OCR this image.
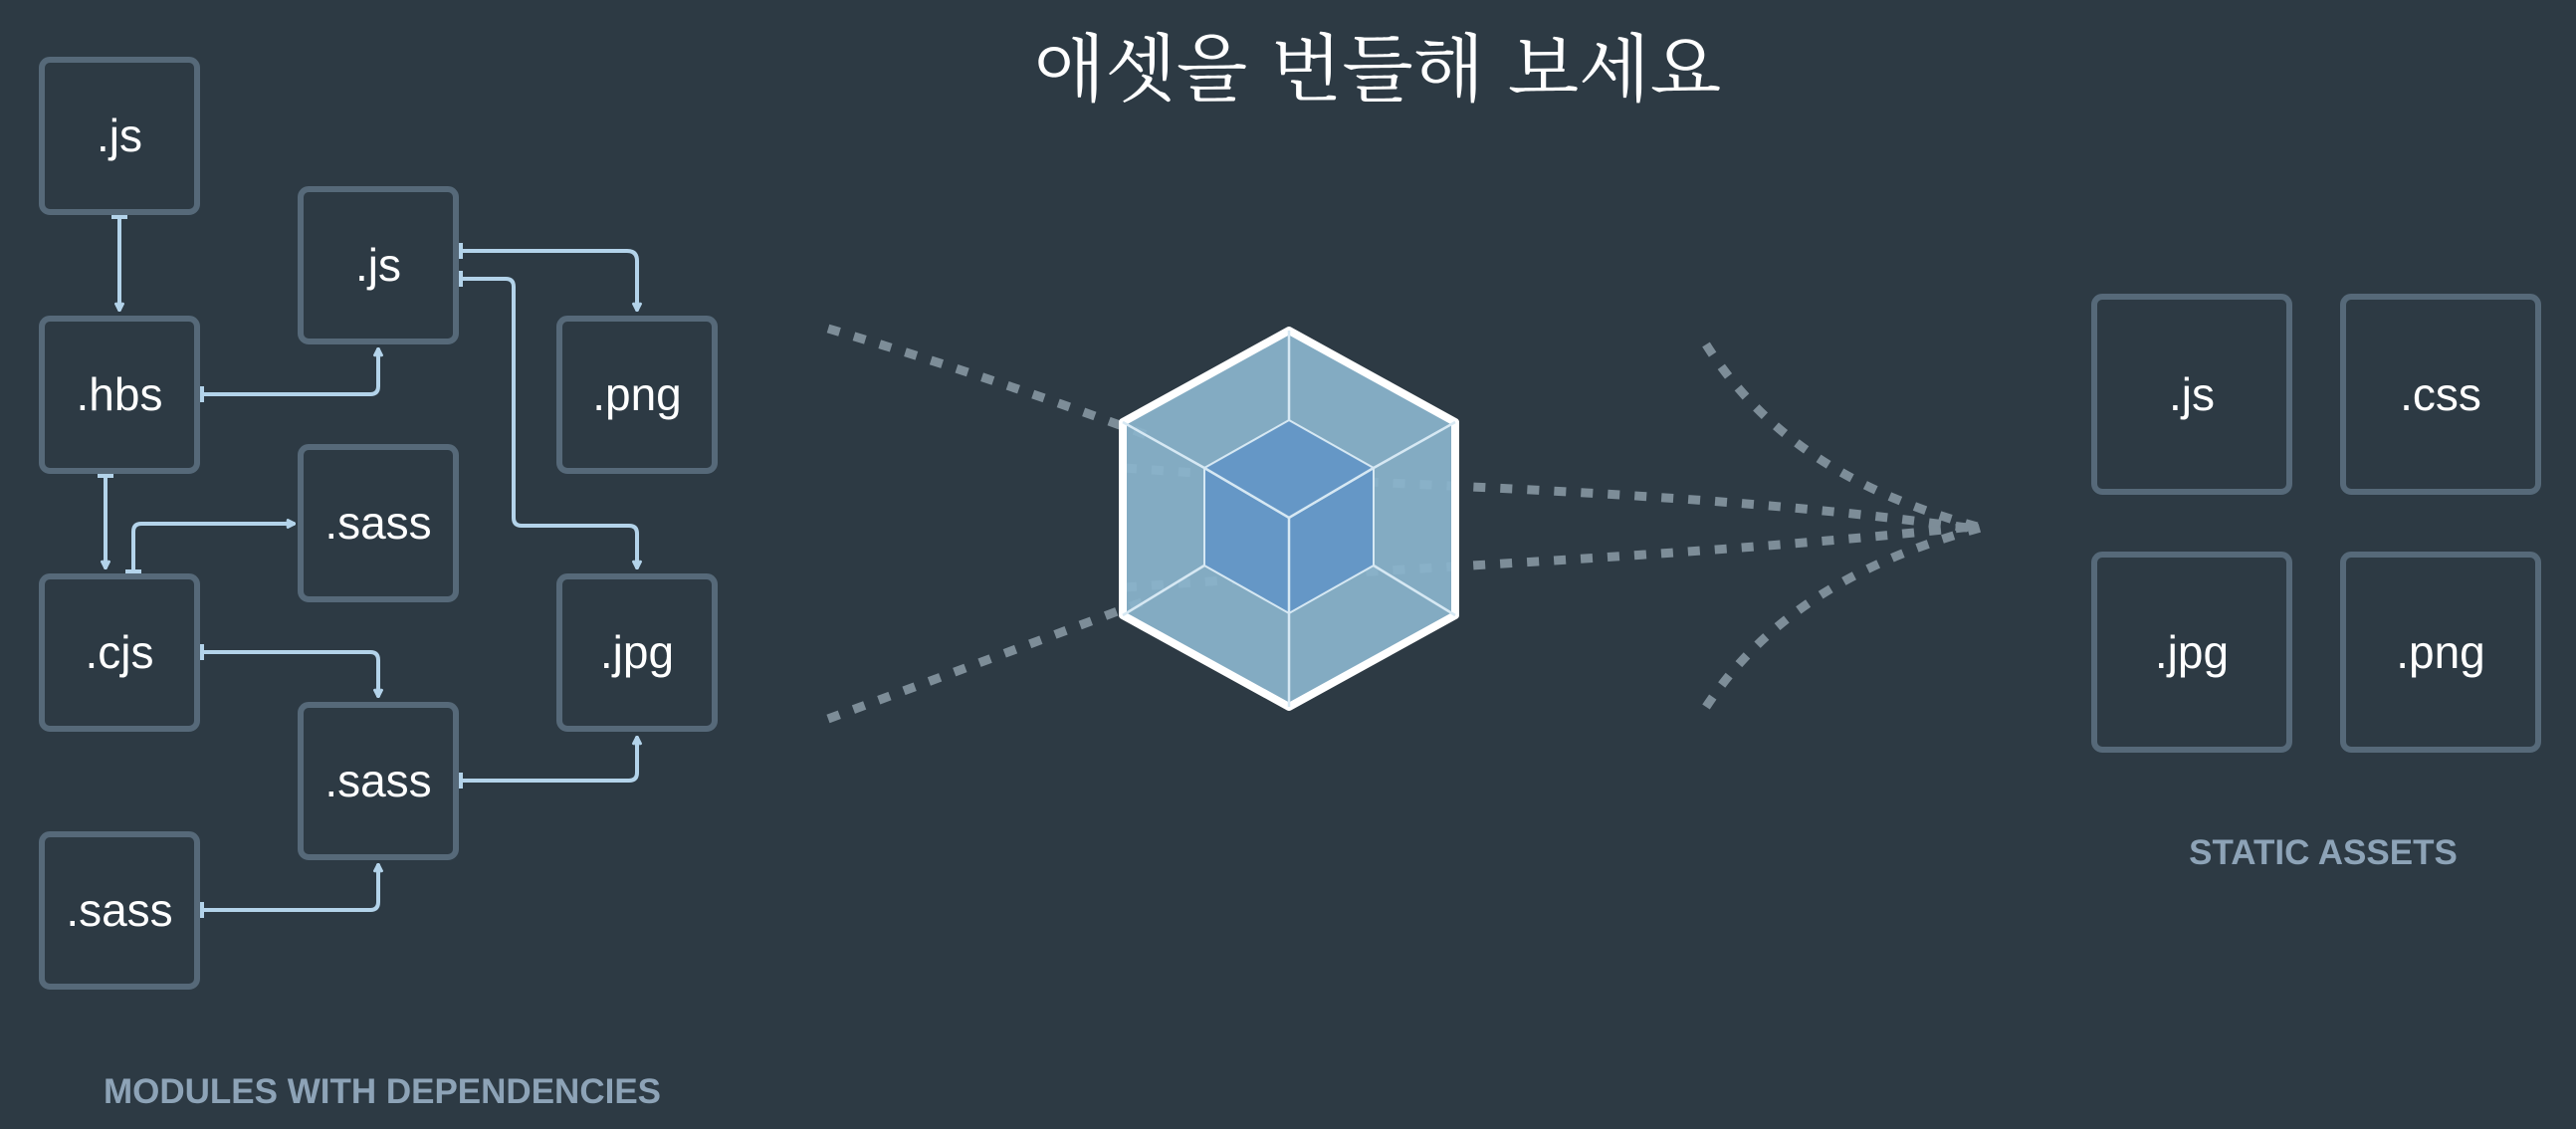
애셋을 번들해 보세요
.js
.hbs
.cjs
.sass
.js
.sass
.sass
.png
.jpg
MODULES WITH DEPENDENCIES
.js	.css
.jpg	.png
STATIC ASSETS
